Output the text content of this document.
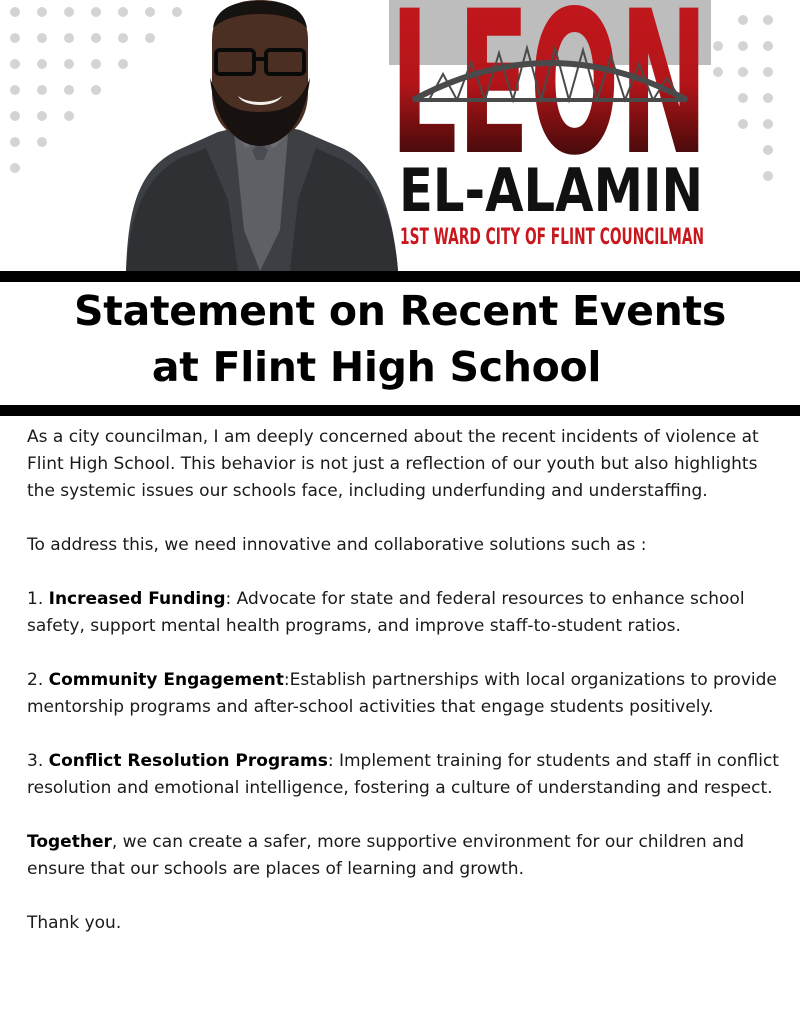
LEON
EL-ALAMIN
1ST WARD CITY OF FLINT COUNCILMAN
Statement on Recent Events
at Flint High School

As a city councilman, I am deeply concerned about the recent incidents of violence at Flint High School. This behavior is not just a reflection of our youth but also highlights the systemic issues our schools face, including underfunding and understaffing.

To address this, we need innovative and collaborative solutions such as :

1. Increased Funding: Advocate for state and federal resources to enhance school safety, support mental health programs, and improve staff-to-student ratios.

2. Community Engagement:Establish partnerships with local organizations to provide mentorship programs and after-school activities that engage students positively.

3. Conflict Resolution Programs: Implement training for students and staff in conflict resolution and emotional intelligence, fostering a culture of understanding and respect.

Together, we can create a safer, more supportive environment for our children and ensure that our schools are places of learning and growth.

Thank you.
